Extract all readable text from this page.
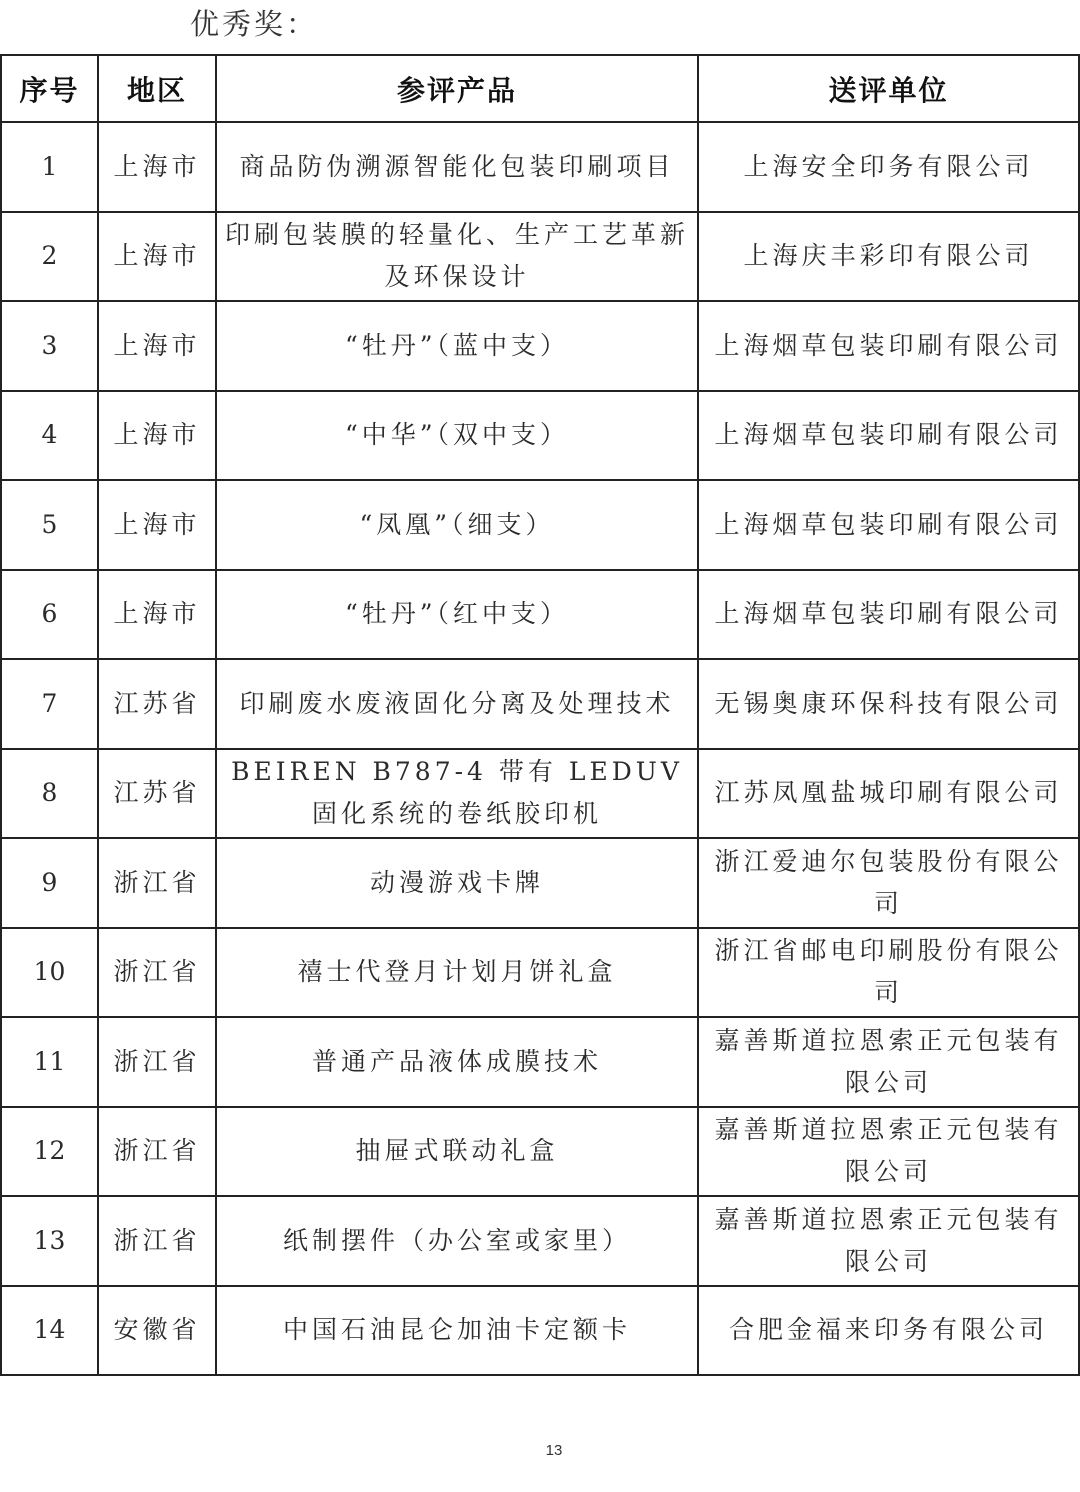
优秀奖：
序号	地区	参评产品	送评单位
1	上海市	商品防伪溯源智能化包装印刷项目	上海安全印务有限公司
2	上海市	印刷包装膜的轻量化、生产工艺革新及环保设计	上海庆丰彩印有限公司
3	上海市	“牡丹”（蓝中支）	上海烟草包装印刷有限公司
4	上海市	“中华”（双中支）	上海烟草包装印刷有限公司
5	上海市	“凤凰”（细支）	上海烟草包装印刷有限公司
6	上海市	“牡丹”（红中支）	上海烟草包装印刷有限公司
7	江苏省	印刷废水废液固化分离及处理技术	无锡奥康环保科技有限公司
8	江苏省	BEIREN B787-4 带有 LEDUV 固化系统的卷纸胶印机	江苏凤凰盐城印刷有限公司
9	浙江省	动漫游戏卡牌	浙江爱迪尔包装股份有限公司
10	浙江省	禧士代登月计划月饼礼盒	浙江省邮电印刷股份有限公司
11	浙江省	普通产品液体成膜技术	嘉善斯道拉恩索正元包装有限公司
12	浙江省	抽屉式联动礼盒	嘉善斯道拉恩索正元包装有限公司
13	浙江省	纸制摆件（办公室或家里）	嘉善斯道拉恩索正元包装有限公司
14	安徽省	中国石油昆仑加油卡定额卡	合肥金福来印务有限公司
13
